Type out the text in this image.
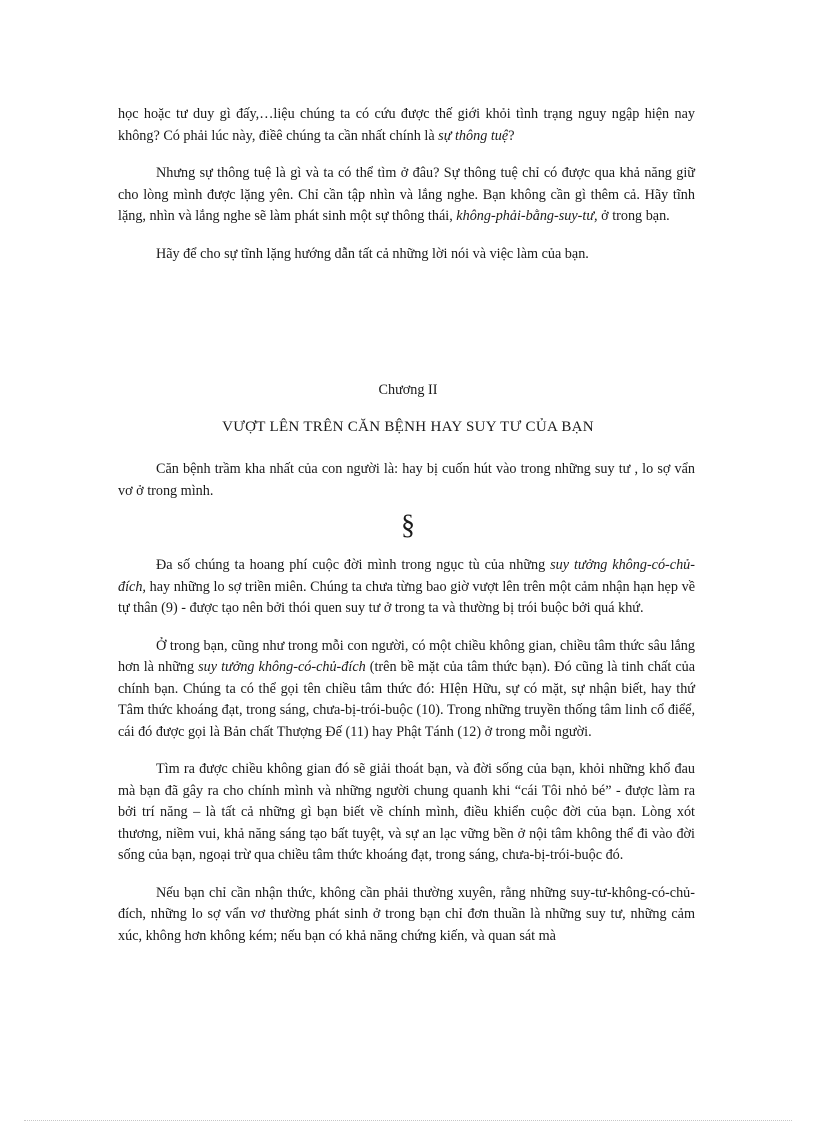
học hoặc tư duy gì đấy,…liệu chúng ta có cứu được thế giới khỏi tình trạng nguy ngập hiện nay không? Có phải lúc này, điềê chúng ta cần nhất chính là sự thông tuệ?

Nhưng sự thông tuệ là gì và ta có thể tìm ở đâu? Sự thông tuệ chỉ có được qua khả năng giữ cho lòng mình được lặng yên. Chỉ cần tập nhìn và lắng nghe. Bạn không cần gì thêm cả. Hãy tĩnh lặng, nhìn và lắng nghe sẽ làm phát sinh một sự thông thái, không-phải-bằng-suy-tư, ở trong bạn.

Hãy để cho sự tĩnh lặng hướng dẫn tất cả những lời nói và việc làm của bạn.

Chương II
VƯỢT LÊN TRÊN CĂN BỆNH HAY SUY TƯ CỦA BẠN

Căn bệnh trầm kha nhất của con người là: hay bị cuốn hút vào trong những suy tư , lo sợ vẩn vơ ở trong mình.

§

Đa số chúng ta hoang phí cuộc đời mình trong ngục tù của những suy tưởng không-có-chủ-đích, hay những lo sợ triền miên. Chúng ta chưa từng bao giờ vượt lên trên một cảm nhận hạn hẹp về tự thân (9) - được tạo nên bởi thói quen suy tư ở trong ta và thường bị trói buộc bởi quá khứ.

Ở trong bạn, cũng như trong mỗi con người, có một chiều không gian, chiều tâm thức sâu lắng hơn là những suy tưởng không-có-chủ-đích (trên bề mặt của tâm thức bạn). Đó cũng là tinh chất của chính bạn. Chúng ta có thể gọi tên chiều tâm thức đó: HIện Hữu, sự có mặt, sự nhận biết, hay thứ Tâm thức khoáng đạt, trong sáng, chưa-bị-trói-buộc (10). Trong những truyền thống tâm linh cổ điểể, cái đó được gọi là Bản chất Thượng Đế (11) hay Phật Tánh (12) ở trong mỗi người.

Tìm ra được chiều không gian đó sẽ giải thoát bạn, và đời sống của bạn, khỏi những khổ đau mà bạn đã gây ra cho chính mình và những người chung quanh khi “cái Tôi nhỏ bé” - được làm ra bởi trí năng – là tất cả những gì bạn biết về chính mình, điều khiển cuộc đời của bạn. Lòng xót thương, niềm vui, khả năng sáng tạo bất tuyệt, và sự an lạc vững bền ở nội tâm không thể đi vào đời sống của bạn, ngoại trừ qua chiều tâm thức khoáng đạt, trong sáng, chưa-bị-trói-buộc đó.

Nếu bạn chỉ cần nhận thức, không cần phải thường xuyên, rằng những suy-tư-không-có-chủ-đích, những lo sợ vẩn vơ thường phát sinh ở trong bạn chỉ đơn thuần là những suy tư, những cảm xúc, không hơn không kém; nếu bạn có khả năng chứng kiến, và quan sát mà
